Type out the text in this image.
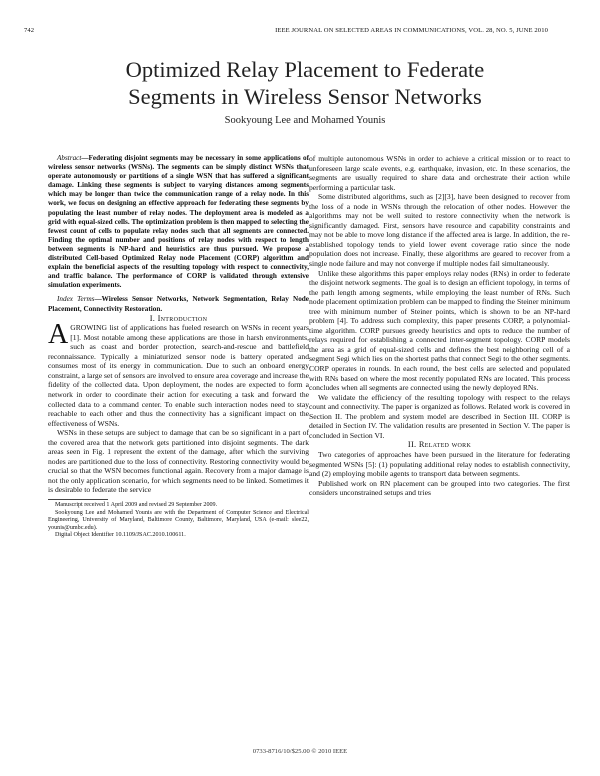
742	IEEE JOURNAL ON SELECTED AREAS IN COMMUNICATIONS, VOL. 28, NO. 5, JUNE 2010
Optimized Relay Placement to Federate
Segments in Wireless Sensor Networks
Sookyoung Lee and Mohamed Younis

Abstract—Federating disjoint segments may be necessary in some applications of wireless sensor networks (WSNs). The segments can be simply distinct WSNs that operate autonomously or partitions of a single WSN that has suffered a significant damage. Linking these segments is subject to varying distances among segments which may be longer than twice the communication range of a relay node. In this work, we focus on designing an effective approach for federating these segments by populating the least number of relay nodes. The deployment area is modeled as a grid with equal-sized cells. The optimization problem is then mapped to selecting the fewest count of cells to populate relay nodes such that all segments are connected. Finding the optimal number and positions of relay nodes with respect to length between segments is NP-hard and heuristics are thus pursued. We propose a distributed Cell-based Optimized Relay node Placement (CORP) algorithm and explain the beneficial aspects of the resulting topology with respect to connectivity, and traffic balance. The performance of CORP is validated through extensive simulation experiments.

Index Terms—Wireless Sensor Networks, Network Segmentation, Relay Node Placement, Connectivity Restoration.

I. Introduction

AGROWING list of applications has fueled research on WSNs in recent years [1]. Most notable among these applications are those in harsh environments, such as coast and border protection, search-and-rescue and battlefield reconnaissance. Typically a miniaturized sensor node is battery operated and consumes most of its energy in communication. Due to such an onboard energy constraint, a large set of sensors are involved to ensure area coverage and increase the fidelity of the collected data. Upon deployment, the nodes are expected to form a network in order to coordinate their action for executing a task and forward the collected data to a command center. To enable such interaction nodes need to stay reachable to each other and thus the connectivity has a significant impact on the effectiveness of WSNs.

WSNs in these setups are subject to damage that can be so significant in a part of the covered area that the network gets partitioned into disjoint segments. The dark areas seen in Fig. 1 represent the extent of the damage, after which the surviving nodes are partitioned due to the loss of connectivity. Restoring connectivity would be crucial so that the WSN becomes functional again. Recovery from a major damage is not the only application scenario, for which segments need to be linked. Sometimes it is desirable to federate the service

Manuscript received 1 April 2009 and revised 29 September 2009.

Sookyoung Lee and Mohamed Younis are with the Department of Computer Science and Electrical Engineering, University of Maryland, Baltimore County, Baltimore, Maryland, USA (e-mail: slee22, younis@umbc.edu).

Digital Object Identifier 10.1109/JSAC.2010.100611.

of multiple autonomous WSNs in order to achieve a critical mission or to react to unforeseen large scale events, e.g. earthquake, invasion, etc. In these scenarios, the segments are usually required to share data and orchestrate their action while performing a particular task.

Some distributed algorithms, such as [2][3], have been designed to recover from the loss of a node in WSNs through the relocation of other nodes. However the algorithms may not be well suited to restore connectivity when the network is significantly damaged. First, sensors have resource and capability constraints and may not be able to move long distance if the affected area is large. In addition, the re-established topology tends to yield lower event coverage ratio since the node population does not increase. Finally, these algorithms are geared to recover from a single node failure and may not converge if multiple nodes fail simultaneously.

Unlike these algorithms this paper employs relay nodes (RNs) in order to federate the disjoint network segments. The goal is to design an efficient topology, in terms of the path length among segments, while employing the least number of RNs. Such node placement optimization problem can be mapped to finding the Steiner minimum tree with minimum number of Steiner points, which is shown to be an NP-hard problem [4]. To address such complexity, this paper presents CORP, a polynomial-time algorithm. CORP pursues greedy heuristics and opts to reduce the number of relays required for establishing a connected inter-segment topology. CORP models the area as a grid of equal-sized cells and defines the best neighboring cell of a segment Segi which lies on the shortest paths that connect Segi to the other segments. CORP operates in rounds. In each round, the best cells are selected and populated with RNs based on where the most recently populated RNs are located. This process concludes when all segments are connected using the newly deployed RNs.

We validate the efficiency of the resulting topology with respect to the relays count and connectivity. The paper is organized as follows. Related work is covered in Section II. The problem and system model are described in Section III. CORP is detailed in Section IV. The validation results are presented in Section V. The paper is concluded in Section VI.

II. Related work

Two categories of approaches have been pursued in the literature for federating segmented WSNs [5]: (1) populating additional relay nodes to establish connectivity, and (2) employing mobile agents to transport data between segments.

Published work on RN placement can be grouped into two categories. The first considers unconstrained setups and tries

0733-8716/10/$25.00 © 2010 IEEE
